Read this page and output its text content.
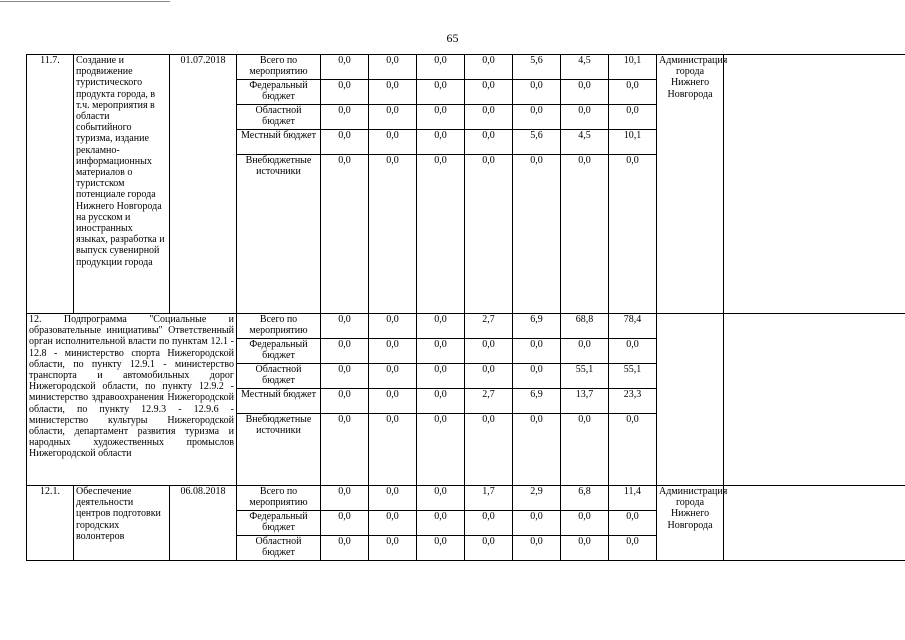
65
11.7.	Создание и продвижение туристического продукта города, в т.ч. мероприятия в области событийного туризма, издание рекламно-информационных материалов о туристском потенциале города Нижнего Новгорода на русском и иностранных языках, разработка и выпуск сувенирной продукции города	01.07.2018	Всего по мероприятию	0,0	0,0	0,0	0,0	5,6	4,5	10,1	Администрация города Нижнего Новгорода	
			Федеральный бюджет	0,0	0,0	0,0	0,0	0,0	0,0	0,0		
			Областной бюджет	0,0	0,0	0,0	0,0	0,0	0,0	0,0		
			Местный бюджет	0,0	0,0	0,0	0,0	5,6	4,5	10,1		
			Внебюджетные источники	0,0	0,0	0,0	0,0	0,0	0,0	0,0		
12. Подпрограмма "Социальные и образовательные инициативы" Ответственный орган исполнительной власти по пунктам 12.1 - 12.8 - министерство спорта Нижегородской области, по пункту 12.9.1 - министерство транспорта и автомобильных дорог Нижегородской области, по пункту 12.9.2 - министерство здравоохранения Нижегородской области, по пункту 12.9.3 - 12.9.6 - министерство культуры Нижегородской области, департамент развития туризма и народных художественных промыслов Нижегородской области			Всего по мероприятию	0,0	0,0	0,0	2,7	6,9	68,8	78,4		
			Федеральный бюджет	0,0	0,0	0,0	0,0	0,0	0,0	0,0		
			Областной бюджет	0,0	0,0	0,0	0,0	0,0	55,1	55,1		
			Местный бюджет	0,0	0,0	0,0	2,7	6,9	13,7	23,3		
			Внебюджетные источники	0,0	0,0	0,0	0,0	0,0	0,0	0,0		
12.1.	Обеспечение деятельности центров подготовки городских волонтеров	06.08.2018	Всего по мероприятию	0,0	0,0	0,0	1,7	2,9	6,8	11,4	Администрация города Нижнего Новгорода	
			Федеральный бюджет	0,0	0,0	0,0	0,0	0,0	0,0	0,0		
			Областной бюджет	0,0	0,0	0,0	0,0	0,0	0,0	0,0		
